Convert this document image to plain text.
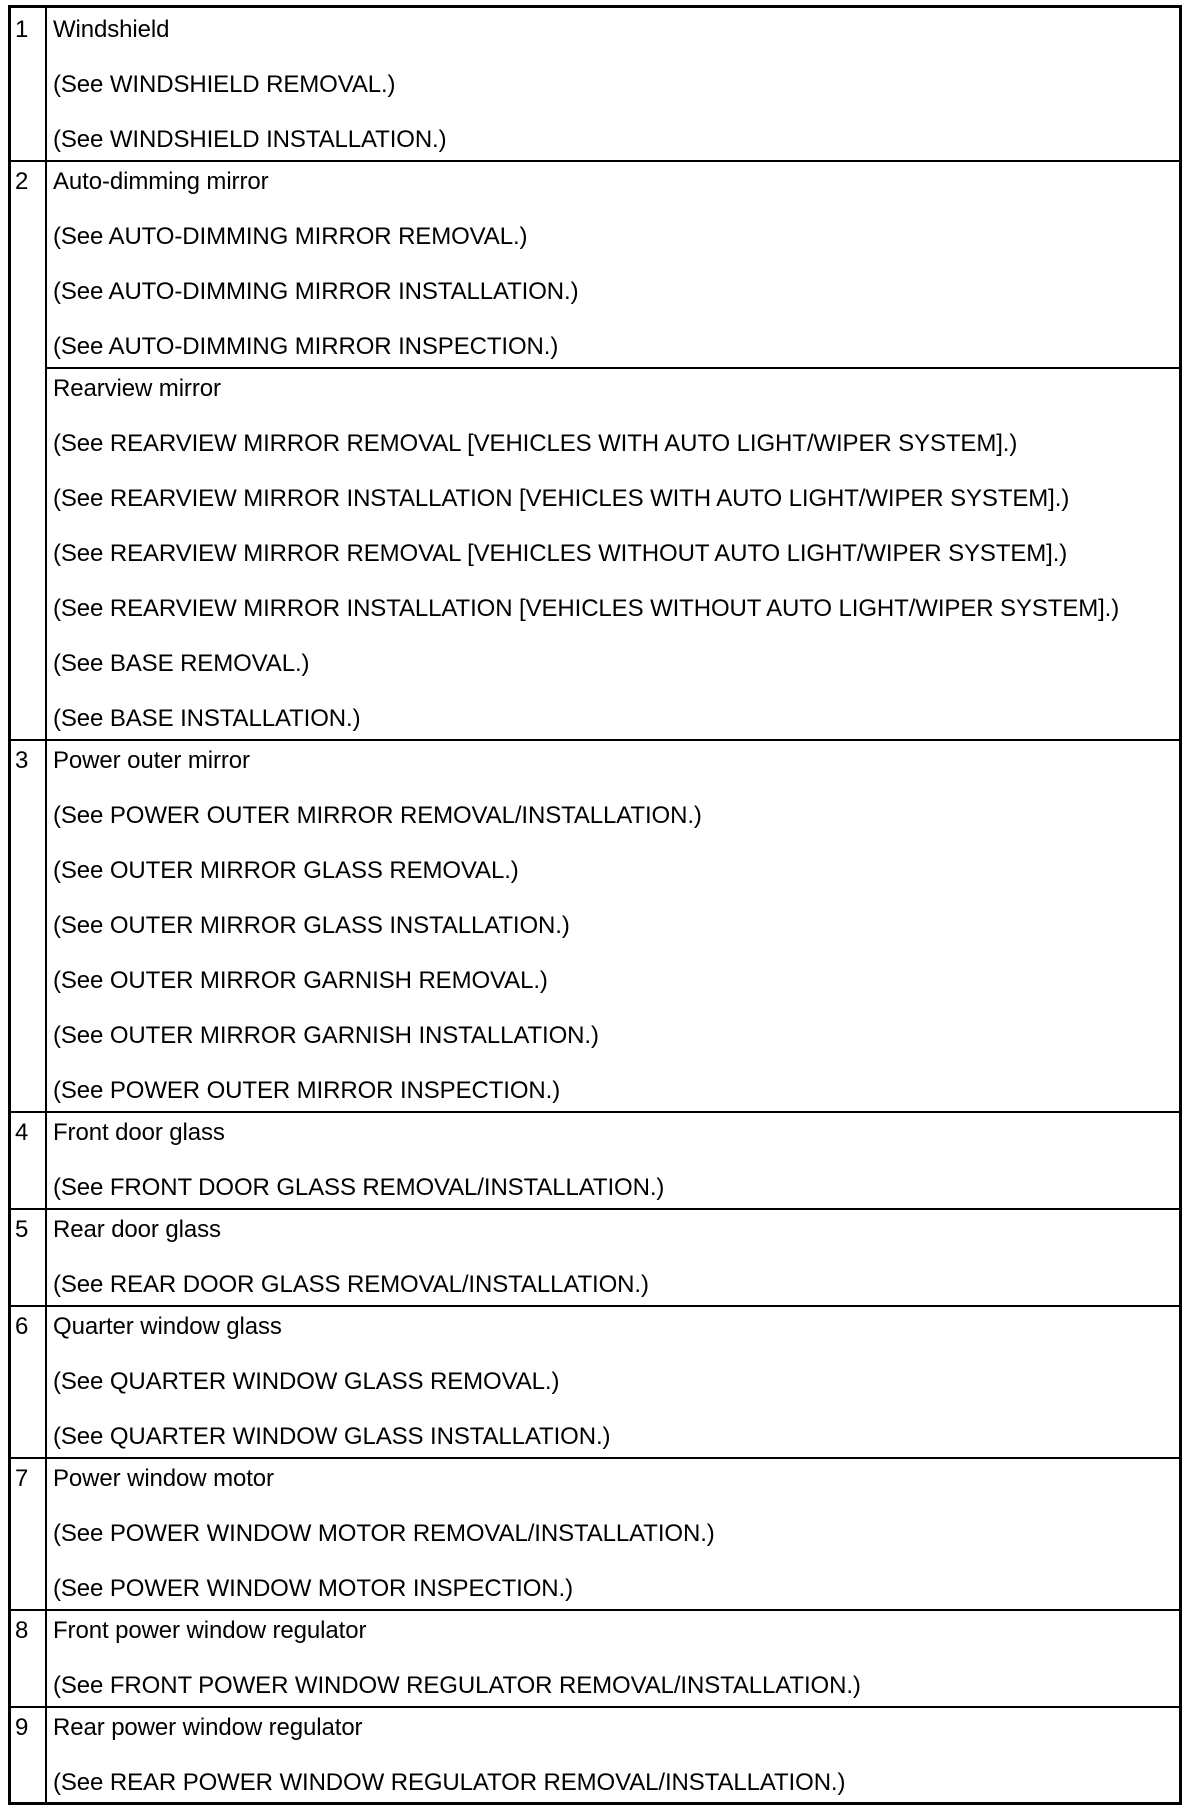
Windshield
1
(See WINDSHIELD REMOVAL.)
(See WINDSHIELD INSTALLATION.)
Auto-dimming mirror
2
(See AUTO-DIMMING MIRROR REMOVAL.)
(See AUTO-DIMMING MIRROR INSTALLATION.)
(See AUTO-DIMMING MIRROR INSPECTION.)
Rearview mirror
(See REARVIEW MIRROR REMOVAL [VEHICLES WITH AUTO LIGHT/WIPER SYSTEM].)
(See REARVIEW MIRROR INSTALLATION [VEHICLES WITH AUTO LIGHT/WIPER SYSTEM].)
(See REARVIEW MIRROR REMOVAL [VEHICLES WITHOUT AUTO LIGHT/WIPER SYSTEM].)
(See REARVIEW MIRROR INSTALLATION [VEHICLES WITHOUT AUTO LIGHT/WIPER SYSTEM].)
(See BASE REMOVAL.)
(See BASE INSTALLATION.)
Power outer mirror
3
(See POWER OUTER MIRROR REMOVAL/INSTALLATION.)
(See OUTER MIRROR GLASS REMOVAL.)
(See OUTER MIRROR GLASS INSTALLATION.)
(See OUTER MIRROR GARNISH REMOVAL.)
(See OUTER MIRROR GARNISH INSTALLATION.)
(See POWER OUTER MIRROR INSPECTION.)
Front door glass
4
(See FRONT DOOR GLASS REMOVAL/INSTALLATION.)
Rear door glass
5
(See REAR DOOR GLASS REMOVAL/INSTALLATION.)
Quarter window glass
6
(See QUARTER WINDOW GLASS REMOVAL.)
(See QUARTER WINDOW GLASS INSTALLATION.)
Power window motor
7
(See POWER WINDOW MOTOR REMOVAL/INSTALLATION.)
(See POWER WINDOW MOTOR INSPECTION.)
Front power window regulator
8
(See FRONT POWER WINDOW REGULATOR REMOVAL/INSTALLATION.)
Rear power window regulator
9
(See REAR POWER WINDOW REGULATOR REMOVAL/INSTALLATION.)
